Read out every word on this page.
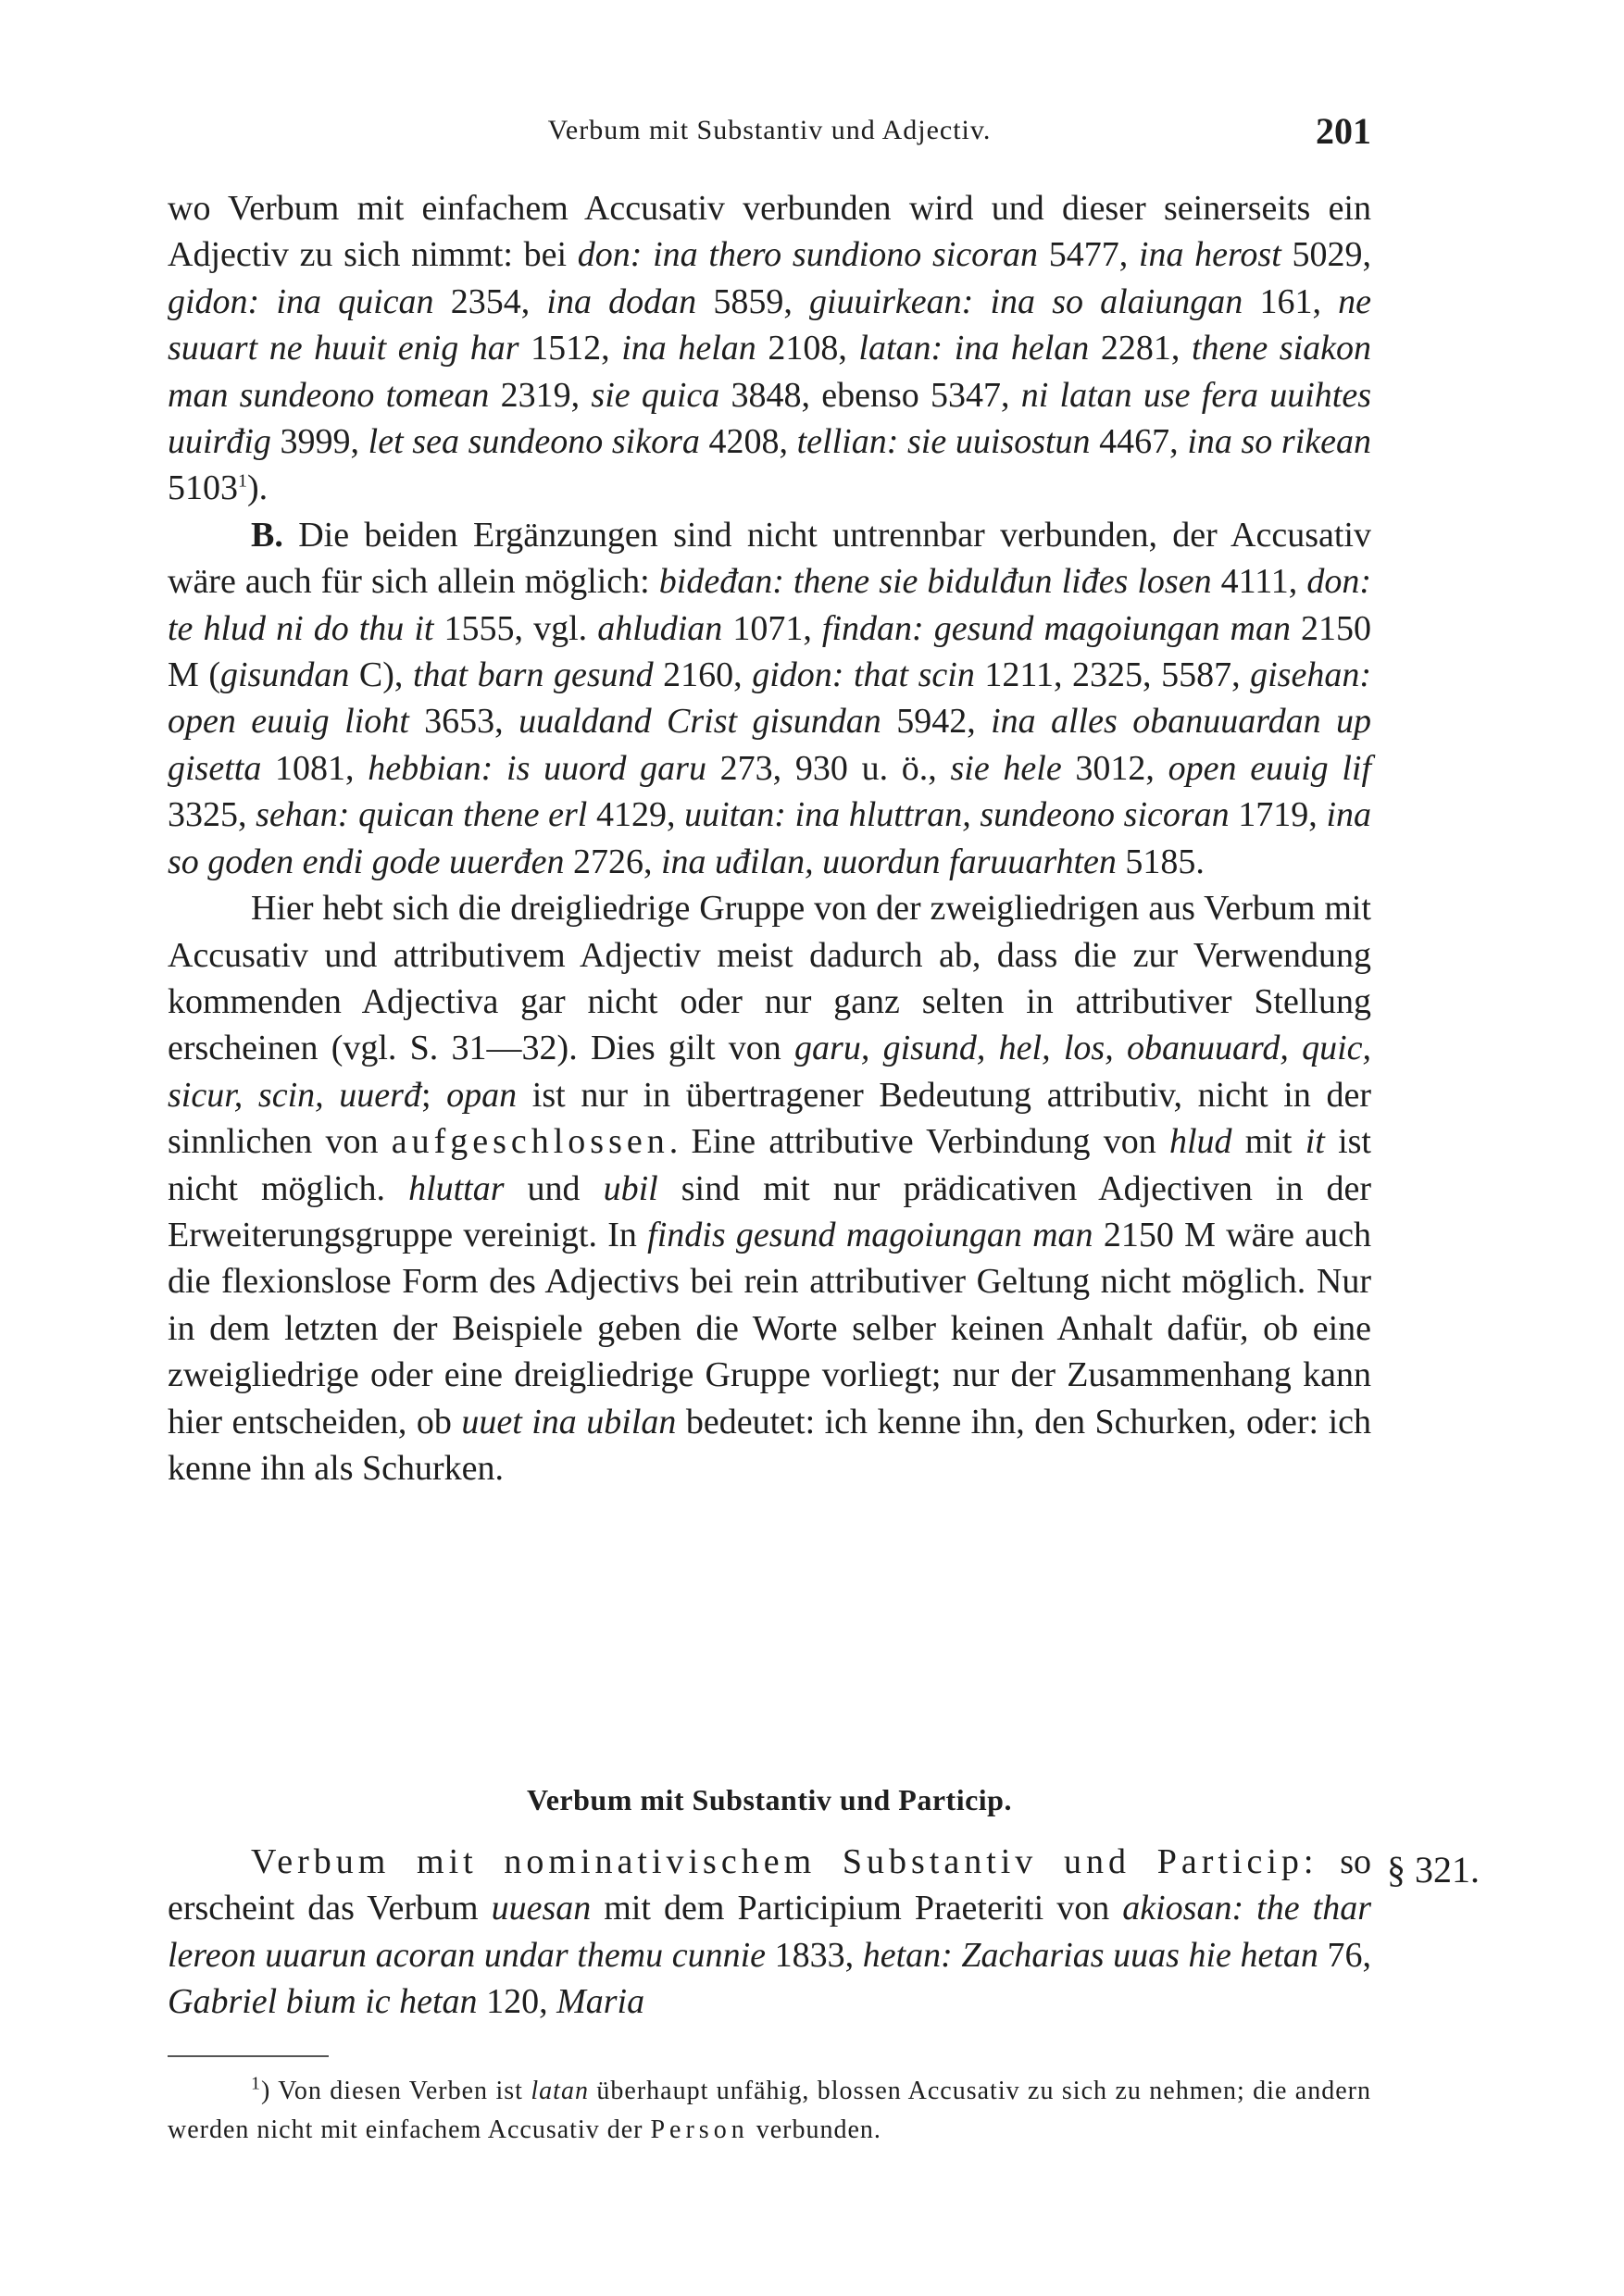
Verbum mit Substantiv und Adjectiv.	201

wo Verbum mit einfachem Accusativ verbunden wird und dieser seinerseits ein Adjectiv zu sich nimmt: bei don: ina thero sundiono sicoran 5477, ina herost 5029, gidon: ina quican 2354, ina dodan 5859, giuuirkean: ina so alaiungan 161, ne suuart ne huuit enig har 1512, ina helan 2108, latan: ina helan 2281, thene siakon man sundeono tomean 2319, sie quica 3848, ebenso 5347, ni latan use fera uuihtes uuirđig 3999, let sea sundeono sikora 4208, tellian: sie uuisostun 4467, ina so rikean 5103$^1$).

B. Die beiden Ergänzungen sind nicht untrennbar verbunden, der Accusativ wäre auch für sich allein möglich: bideđan: thene sie bidulđun liđes losen 4111, don: te hlud ni do thu it 1555, vgl. ahludian 1071, findan: gesund magoiungan man 2150 M (gisundan C), that barn gesund 2160, gidon: that scin 1211, 2325, 5587, gisehan: open euuig lioht 3653, uualdand Crist gisundan 5942, ina alles obanuuardan up gisetta 1081, hebbian: is uuord garu 273, 930 u. ö., sie hele 3012, open euuig lif 3325, sehan: quican thene erl 4129, uuitan: ina hluttran, sundeono sicoran 1719, ina so goden endi gode uuerđen 2726, ina uđilan, uuordun faruuarhten 5185.

Hier hebt sich die dreigliedrige Gruppe von der zweigliedrigen aus Verbum mit Accusativ und attributivem Adjectiv meist dadurch ab, dass die zur Verwendung kommenden Adjectiva gar nicht oder nur ganz selten in attributiver Stellung erscheinen (vgl. S. 31—32). Dies gilt von garu, gisund, hel, los, obanuuard, quic, sicur, scin, uuerđ; opan ist nur in übertragener Bedeutung attributiv, nicht in der sinnlichen von aufgeschlossen. Eine attributive Verbindung von hlud mit it ist nicht möglich. hluttar und ubil sind mit nur prädicativen Adjectiven in der Erweiterungsgruppe vereinigt. In findis gesund magoiungan man 2150 M wäre auch die flexionslose Form des Adjectivs bei rein attributiver Geltung nicht möglich. Nur in dem letzten der Beispiele geben die Worte selber keinen Anhalt dafür, ob eine zweigliedrige oder eine dreigliedrige Gruppe vorliegt; nur der Zusammenhang kann hier entscheiden, ob uuet ina ubilan bedeutet: ich kenne ihn, den Schurken, oder: ich kenne ihn als Schurken.

Verbum mit Substantiv und Particip.
§ 321.

Verbum mit nominativischem Substantiv und Particip: so erscheint das Verbum uuesan mit dem Participium Praeteriti von akiosan: the thar lereon uuarun acoran undar themu cunnie 1833, hetan: Zacharias uuas hie hetan 76, Gabriel bium ic hetan 120, Maria

$^1$) Von diesen Verben ist latan überhaupt unfähig, blossen Accusativ zu sich zu nehmen; die andern werden nicht mit einfachem Accusativ der Person verbunden.
